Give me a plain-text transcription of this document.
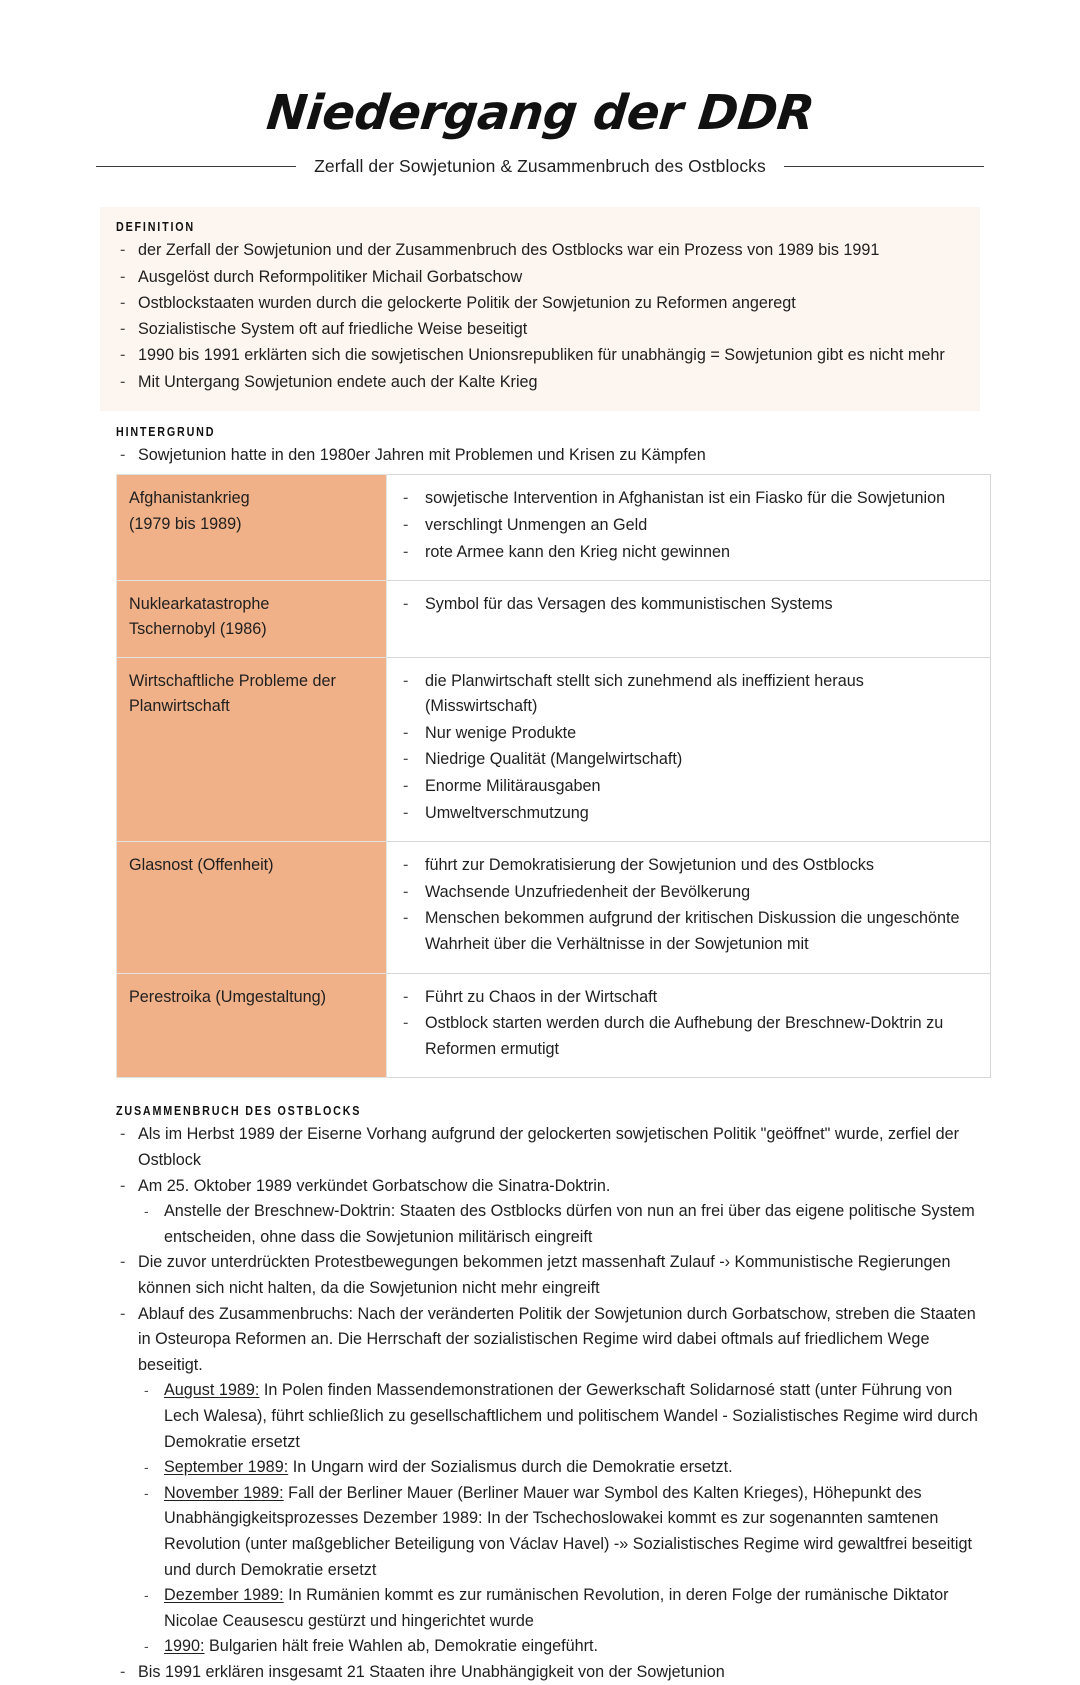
Niedergang der DDR
Zerfall der Sowjetunion & Zusammenbruch des Ostblocks
DEFINITION
- der Zerfall der Sowjetunion und der Zusammenbruch des Ostblocks war ein Prozess von 1989 bis 1991
- Ausgelöst durch Reformpolitiker Michail Gorbatschow
- Ostblockstaaten wurden durch die gelockerte Politik der Sowjetunion zu Reformen angeregt
- Sozialistische System oft auf friedliche Weise beseitigt
- 1990 bis 1991 erklärten sich die sowjetischen Unionsrepubliken für unabhängig = Sowjetunion gibt es nicht mehr
- Mit Untergang Sowjetunion endete auch der Kalte Krieg
HINTERGRUND
- Sowjetunion hatte in den 1980er Jahren mit Problemen und Krisen zu Kämpfen
Afghanistankrieg
(1979 bis 1989)

- sowjetische Intervention in Afghanistan ist ein Fiasko für die Sowjetunion
- verschlingt Unmengen an Geld
- rote Armee kann den Krieg nicht gewinnen

Nuklearkatastrophe
Tschernobyl (1986)

- Symbol für das Versagen des kommunistischen Systems

Wirtschaftliche Probleme der
Planwirtschaft

- die Planwirtschaft stellt sich zunehmend als ineffizient heraus (Misswirtschaft)
- Nur wenige Produkte
- Niedrige Qualität (Mangelwirtschaft)
- Enorme Militärausgaben
- Umweltverschmutzung

Glasnost (Offenheit)

-führt zur Demokratisierung der Sowjetunion und des Ostblocks
- Wachsende Unzufriedenheit der Bevölkerung
- Menschen bekommen aufgrund der kritischen Diskussion die ungeschönte Wahrheit über die Verhältnisse in der Sowjetunion mit

Perestroika (Umgestaltung)

-Führt zu Chaos in der Wirtschaft
- Ostblock starten werden durch die Aufhebung der Breschnew-Doktrin zu Reformen ermutigt
ZUSAMMENBRUCH DES OSTBLOCKS
- Als im Herbst 1989 der Eiserne Vorhang aufgrund der gelockerten sowjetischen Politik "geöffnet" wurde, zerfiel der Ostblock
- Am 25. Oktober 1989 verkündet Gorbatschow die Sinatra-Doktrin.
- Anstelle der Breschnew-Doktrin: Staaten des Ostblocks dürfen von nun an frei über das eigene politische System entscheiden, ohne dass die Sowjetunion militärisch eingreift
- Die zuvor unterdrückten Protestbewegungen bekommen jetzt massenhaft Zulauf -› Kommunistische Regierungen können sich nicht halten, da die Sowjetunion nicht mehr eingreift
- Ablauf des Zusammenbruchs: Nach der veränderten Politik der Sowjetunion durch Gorbatschow, streben die Staaten in Osteuropa Reformen an. Die Herrschaft der sozialistischen Regime wird dabei oftmals auf friedlichem Wege beseitigt.
- August 1989: In Polen finden Massendemonstrationen der Gewerkschaft Solidarnosé statt (unter Führung von Lech Walesa), führt schließlich zu gesellschaftlichem und politischem Wandel - Sozialistisches Regime wird durch Demokratie ersetzt
- September 1989: In Ungarn wird der Sozialismus durch die Demokratie ersetzt.
- November 1989: Fall der Berliner Mauer (Berliner Mauer war Symbol des Kalten Krieges), Höhepunkt des Unabhängigkeitsprozesses Dezember 1989: In der Tschechoslowakei kommt es zur sogenannten samtenen Revolution (unter maßgeblicher Beteiligung von Václav Havel) -» Sozialistisches Regime wird gewaltfrei beseitigt und durch Demokratie ersetzt
- Dezember 1989: In Rumänien kommt es zur rumänischen Revolution, in deren Folge der rumänische Diktator Nicolae Ceausescu gestürzt und hingerichtet wurde
- 1990: Bulgarien hält freie Wahlen ab, Demokratie eingeführt.
- Bis 1991 erklären insgesamt 21 Staaten ihre Unabhängigkeit von der Sowjetunion
